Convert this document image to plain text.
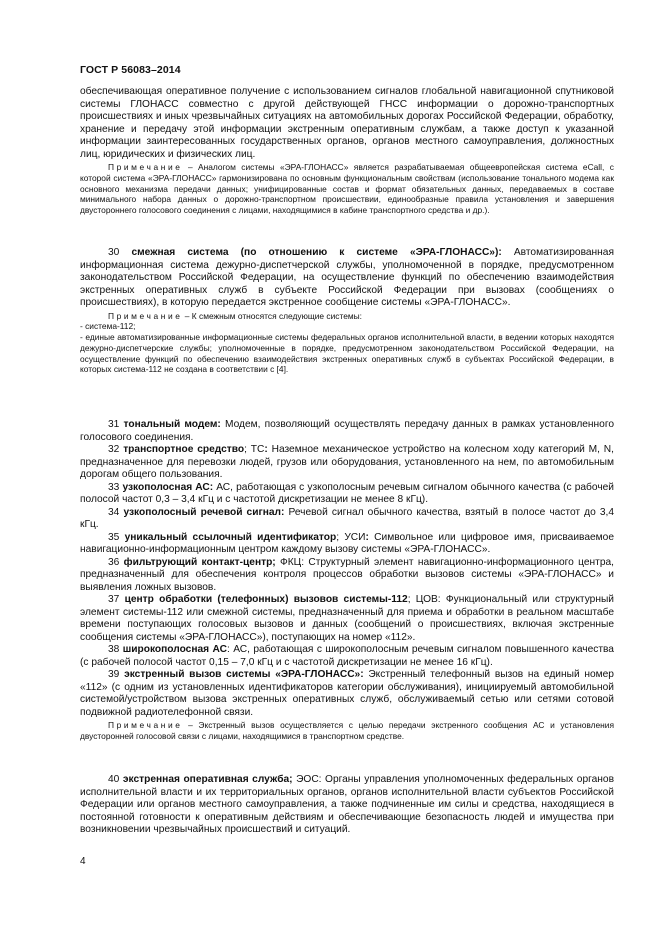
ГОСТ Р 56083–2014

обеспечивающая оперативное получение с использованием сигналов глобальной навигационной спутниковой системы ГЛОНАСС совместно с другой действующей ГНСС информации о дорожно-транспортных происшествиях и иных чрезвычайных ситуациях на автомобильных дорогах Российской Федерации, обработку, хранение и передачу этой информации экстренным оперативным службам, а также доступ к указанной информации заинтересованных государственных органов, органов местного самоуправления, должностных лиц, юридических и физических лиц.

Примечание – Аналогом системы «ЭРА-ГЛОНАСС» является разрабатываемая общеевропейская система eCall, с которой система «ЭРА-ГЛОНАСС» гармонизирована по основным функциональным свойствам (использование тонального модема как основного механизма передачи данных; унифицированные состав и формат обязательных данных, передаваемых в составе минимального набора данных о дорожно-транспортном происшествии, единообразные правила установления и завершения двустороннего голосового соединения с лицами, находящимися в кабине транспортного средства и др.).

30 смежная система (по отношению к системе «ЭРА-ГЛОНАСС»): Автоматизированная информационная система дежурно-диспетчерской службы, уполномоченной в порядке, предусмотренном законодательством Российской Федерации, на осуществление функций по обеспечению взаимодействия экстренных оперативных служб в субъекте Российской Федерации при вызовах (сообщениях о происшествиях), в которую передается экстренное сообщение системы «ЭРА-ГЛОНАСС».

Примечание – К смежным относятся следующие системы:

- система-112;

- единые автоматизированные информационные системы федеральных органов исполнительной власти, в ведении которых находятся дежурно-диспетчерские службы; уполномоченные в порядке, предусмотренном законодательством Российской Федерации, на осуществление функций по обеспечению взаимодействия экстренных оперативных служб в субъектах Российской Федерации, в которых система-112 не создана в соответствии с [4].

31 тональный модем: Модем, позволяющий осуществлять передачу данных в рамках установленного голосового соединения.

32 транспортное средство; ТС: Наземное механическое устройство на колесном ходу категорий M, N, предназначенное для перевозки людей, грузов или оборудования, установленного на нем, по автомобильным дорогам общего пользования.

33 узкополосная АС: АС, работающая с узкополосным речевым сигналом обычного качества (с рабочей полосой частот 0,3 – 3,4 кГц и с частотой дискретизации не менее 8 кГц).

34 узкополосный речевой сигнал: Речевой сигнал обычного качества, взятый в полосе частот до 3,4 кГц.

35 уникальный ссылочный идентификатор; УСИ: Символьное или цифровое имя, присваиваемое навигационно-информационным центром каждому вызову системы «ЭРА-ГЛОНАСС».

36 фильтрующий контакт-центр; ФКЦ: Структурный элемент навигационно-информационного центра, предназначенный для обеспечения контроля процессов обработки вызовов системы «ЭРА-ГЛОНАСС» и выявления ложных вызовов.

37 центр обработки (телефонных) вызовов системы-112; ЦОВ: Функциональный или структурный элемент системы-112 или смежной системы, предназначенный для приема и обработки в реальном масштабе времени поступающих голосовых вызовов и данных (сообщений о происшествиях, включая экстренные сообщения системы «ЭРА-ГЛОНАСС»), поступающих на номер «112».

38 широкополосная АС: АС, работающая с широкополосным речевым сигналом повышенного качества (с рабочей полосой частот 0,15 – 7,0 кГц и с частотой дискретизации не менее 16 кГц).

39 экстренный вызов системы «ЭРА-ГЛОНАСС»: Экстренный телефонный вызов на единый номер «112» (с одним из установленных идентификаторов категории обслуживания), инициируемый автомобильной системой/устройством вызова экстренных оперативных служб, обслуживаемый сетью или сетями сотовой подвижной радиотелефонной связи.

Примечание – Экстренный вызов осуществляется с целью передачи экстренного сообщения АС и установления двусторонней голосовой связи с лицами, находящимися в транспортном средстве.

40 экстренная оперативная служба; ЭОС: Органы управления уполномоченных федеральных органов исполнительной власти и их территориальных органов, органов исполнительной власти субъектов Российской Федерации или органов местного самоуправления, а также подчиненные им силы и средства, находящиеся в постоянной готовности к оперативным действиям и обеспечивающие безопасность людей и имущества при возникновении чрезвычайных происшествий и ситуаций.

4
